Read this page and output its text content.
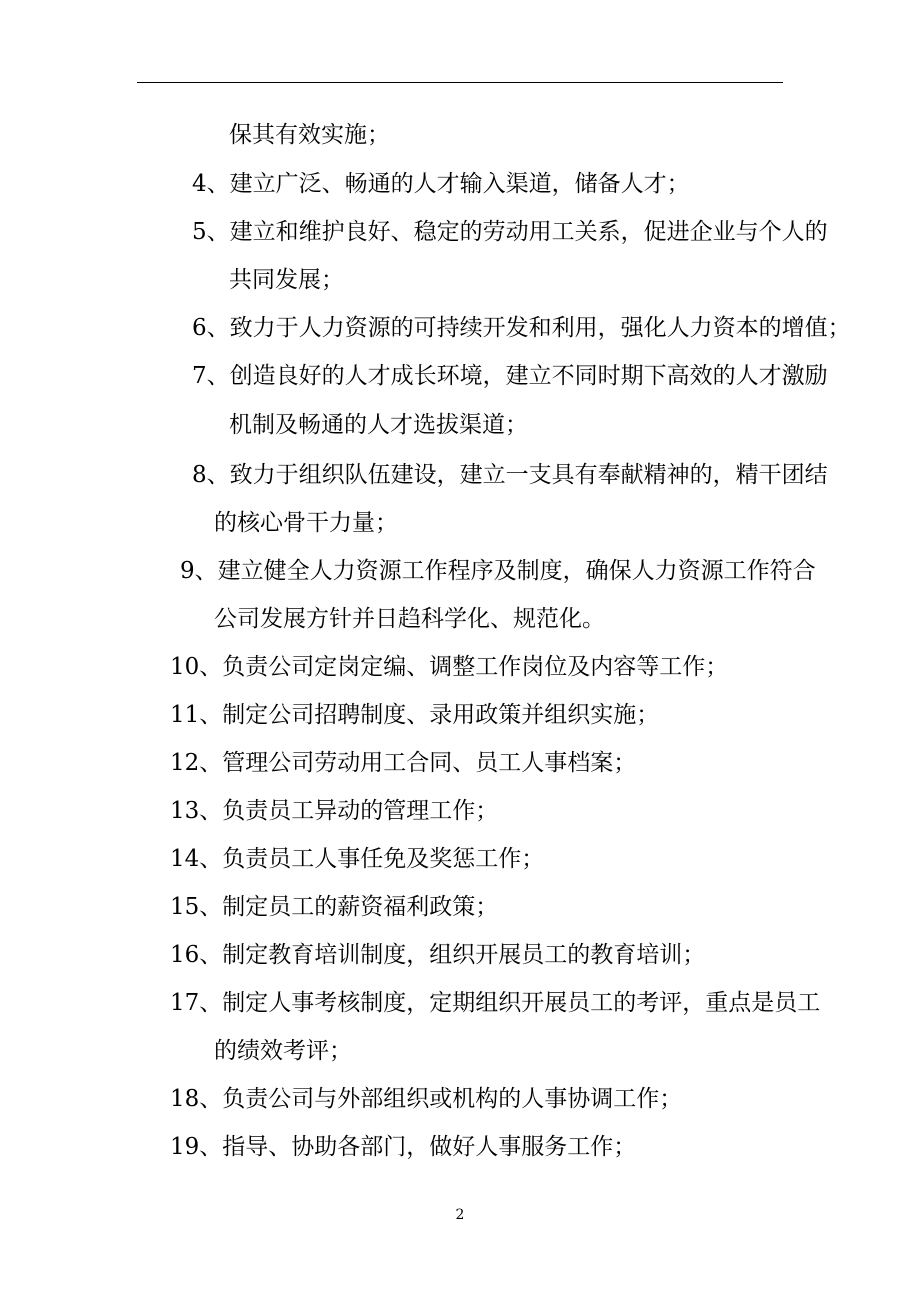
保其有效实施；
4、建立广泛、畅通的人才输入渠道，储备人才；
5、建立和维护良好、稳定的劳动用工关系，促进企业与个人的
共同发展；
6、致力于人力资源的可持续开发和利用，强化人力资本的增值；
7、创造良好的人才成长环境，建立不同时期下高效的人才激励
机制及畅通的人才选拔渠道；
8、致力于组织队伍建设，建立一支具有奉献精神的，精干团结
的核心骨干力量；
9、建立健全人力资源工作程序及制度，确保人力资源工作符合
公司发展方针并日趋科学化、规范化。
10、负责公司定岗定编、调整工作岗位及内容等工作；
11、制定公司招聘制度、录用政策并组织实施；
12、管理公司劳动用工合同、员工人事档案；
13、负责员工异动的管理工作；
14、负责员工人事任免及奖惩工作；
15、制定员工的薪资福利政策；
16、制定教育培训制度，组织开展员工的教育培训；
17、制定人事考核制度，定期组织开展员工的考评，重点是员工
的绩效考评；
18、负责公司与外部组织或机构的人事协调工作；
19、指导、协助各部门，做好人事服务工作；
2
